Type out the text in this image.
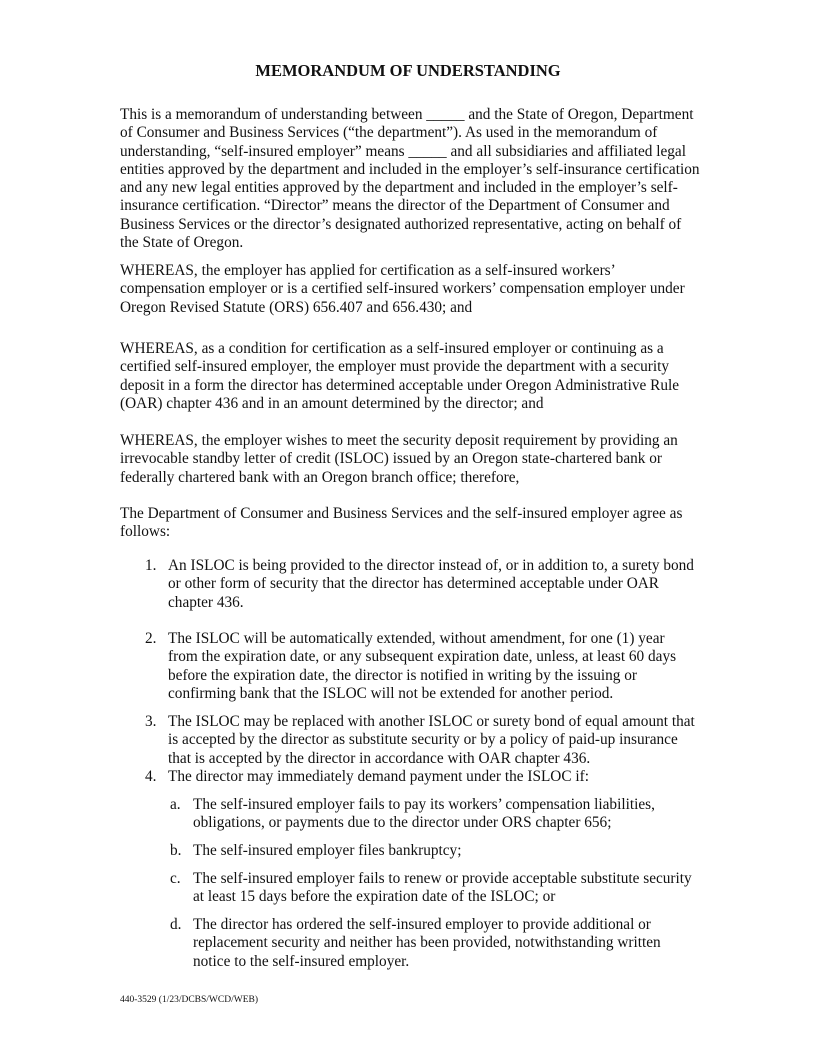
MEMORANDUM OF UNDERSTANDING
This is a memorandum of understanding between _____ and the State of Oregon, Department of Consumer and Business Services (“the department”). As used in the memorandum of understanding, “self-insured employer” means _____ and all subsidiaries and affiliated legal entities approved by the department and included in the employer’s self-insurance certification and any new legal entities approved by the department and included in the employer’s self-insurance certification. “Director” means the director of the Department of Consumer and Business Services or the director’s designated authorized representative, acting on behalf of the State of Oregon.
WHEREAS, the employer has applied for certification as a self-insured workers’ compensation employer or is a certified self-insured workers’ compensation employer under Oregon Revised Statute (ORS) 656.407 and 656.430; and
WHEREAS, as a condition for certification as a self-insured employer or continuing as a certified self-insured employer, the employer must provide the department with a security deposit in a form the director has determined acceptable under Oregon Administrative Rule (OAR) chapter 436 and in an amount determined by the director; and
WHEREAS, the employer wishes to meet the security deposit requirement by providing an irrevocable standby letter of credit (ISLOC) issued by an Oregon state-chartered bank or federally chartered bank with an Oregon branch office; therefore,
The Department of Consumer and Business Services and the self-insured employer agree as follows:
1. An ISLOC is being provided to the director instead of, or in addition to, a surety bond or other form of security that the director has determined acceptable under OAR chapter 436.
2. The ISLOC will be automatically extended, without amendment, for one (1) year from the expiration date, or any subsequent expiration date, unless, at least 60 days before the expiration date, the director is notified in writing by the issuing or confirming bank that the ISLOC will not be extended for another period.
3. The ISLOC may be replaced with another ISLOC or surety bond of equal amount that is accepted by the director as substitute security or by a policy of paid-up insurance that is accepted by the director in accordance with OAR chapter 436.
4. The director may immediately demand payment under the ISLOC if:
a. The self-insured employer fails to pay its workers’ compensation liabilities, obligations, or payments due to the director under ORS chapter 656;
b. The self-insured employer files bankruptcy;
c. The self-insured employer fails to renew or provide acceptable substitute security at least 15 days before the expiration date of the ISLOC; or
d. The director has ordered the self-insured employer to provide additional or replacement security and neither has been provided, notwithstanding written notice to the self-insured employer.
440-3529 (1/23/DCBS/WCD/WEB)
